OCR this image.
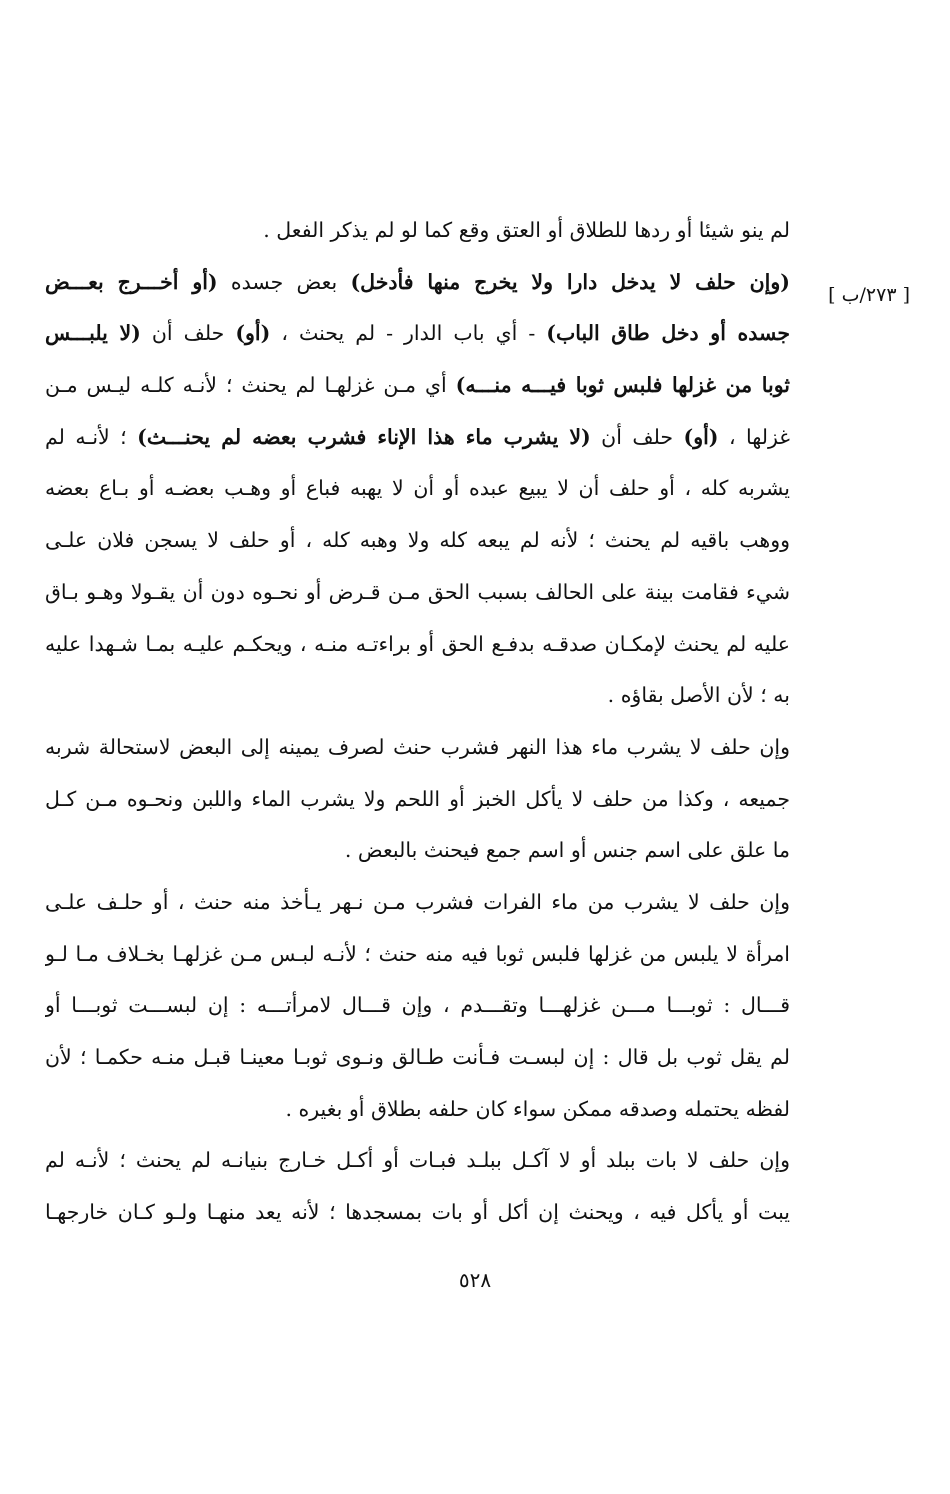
[ ٢٧٣/ب ]
لم ينو شيئا أو ردها للطلاق أو العتق وقع كما لو لم يذكر الفعل .
(وإن حلف لا يدخل دارا ولا يخرج منها فأدخل) بعض جسده (أو أخـــرج بعـــض
جسده أو دخل طاق الباب) - أي باب الدار - لم يحنث ، (أو) حلف أن (لا يلبـــس
ثوبا من غزلها فلبس ثوبا فيـــه منـــه) أي مـن غزلهـا لم يحنث ؛ لأنـه كلـه ليـس مـن
غزلها ، (أو) حلف أن (لا يشرب ماء هذا الإناء فشرب بعضه لم يحنـــث) ؛ لأنـه لم
يشربه كله ، أو حلف أن لا يبيع عبده أو أن لا يهبه فباع أو وهـب بعضـه أو بـاع بعضه
ووهب باقيه لم يحنث ؛ لأنه لم يبعه كله ولا وهبه كله ، أو حلف لا يسجن فلان علـى
شيء فقامت بينة على الحالف بسبب الحق مـن قـرض أو نحـوه دون أن يقـولا وهـو بـاق
عليه لم يحنث لإمكـان صدقـه بدفـع الحق أو براءتـه منـه ، ويحكـم عليـه بمـا شـهدا عليه
به ؛ لأن الأصل بقاؤه .
وإن حلف لا يشرب ماء هذا النهر فشرب حنث لصرف يمينه إلى البعض لاستحالة شربه
جميعه ، وكذا من حلف لا يأكل الخبز أو اللحم ولا يشرب الماء واللبن ونحـوه مـن كـل
ما علق على اسم جنس أو اسم جمع فيحنث بالبعض .
وإن حلف لا يشرب من ماء الفرات فشرب مـن نـهر يـأخذ منه حنث ، أو حلـف علـى
امرأة لا يلبس من غزلها فلبس ثوبا فيه منه حنث ؛ لأنـه لبـس مـن غزلهـا بخـلاف مـا لـو
قـــال : ثوبـــا مـــن غزلهـــا وتقـــدم ، وإن قـــال لامرأتـــه : إن لبســـت ثوبـــا أو
لم يقل ثوب بل قال : إن لبسـت فـأنت طـالق ونـوى ثوبـا معينـا قبـل منـه حكمـا ؛ لأن
لفظه يحتمله وصدقه ممكن سواء كان حلفه بطلاق أو بغيره .
وإن حلف لا بات ببلد أو لا آكـل ببلـد فبـات أو أكـل خـارج بنيانـه لم يحنث ؛ لأنـه لم
يبت أو يأكل فيه ، ويحنث إن أكل أو بات بمسجدها ؛ لأنه يعد منهـا ولـو كـان خارجهـا
٥٢٨
